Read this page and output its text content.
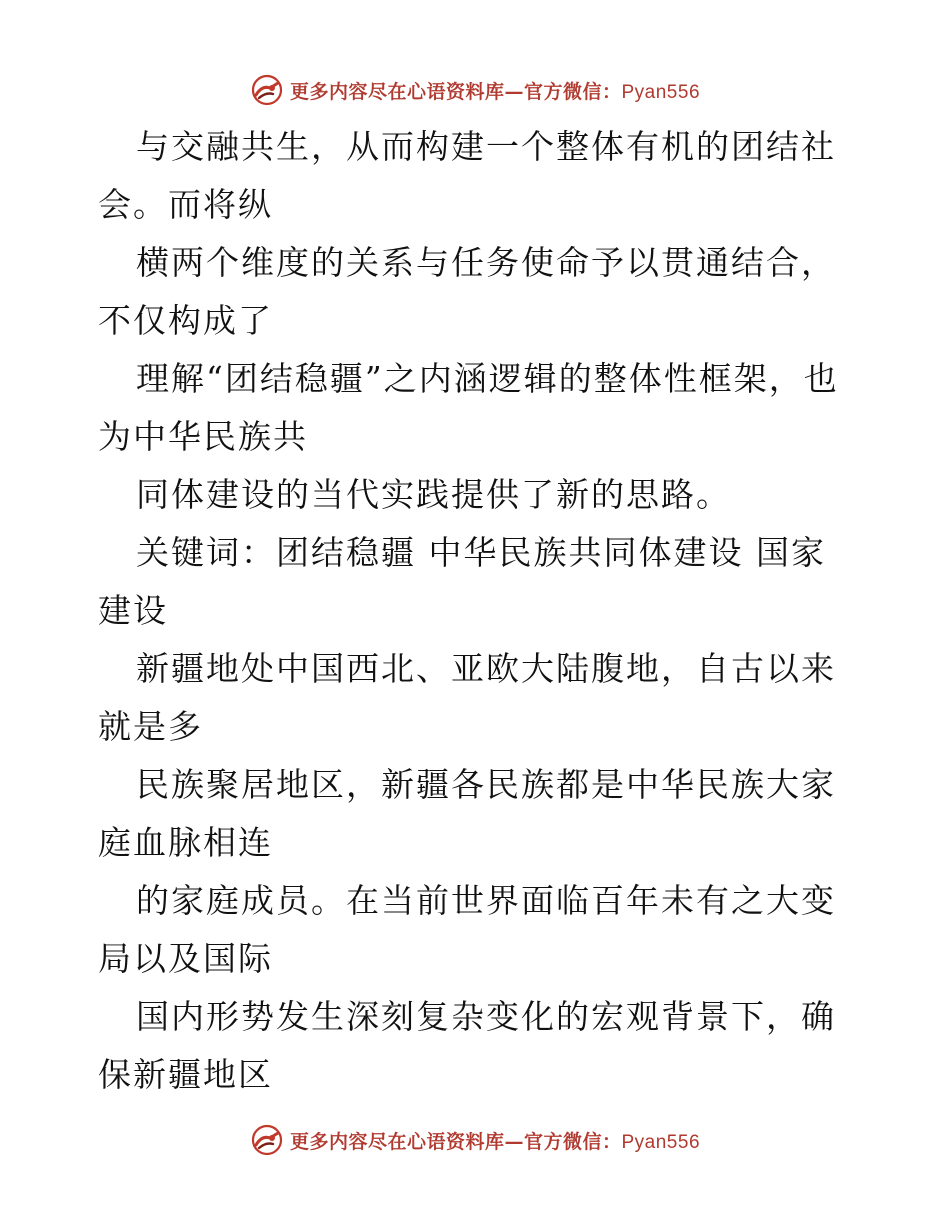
更多内容尽在心语资料库—官方微信：Pyan556

与交融共生，从而构建一个整体有机的团结社会。而将纵

横两个维度的关系与任务使命予以贯通结合，不仅构成了

理解“团结稳疆”之内涵逻辑的整体性框架，也为中华民族共

同体建设的当代实践提供了新的思路。

关键词：团结稳疆 中华民族共同体建设 国家建设

新疆地处中国西北、亚欧大陆腹地，自古以来就是多

民族聚居地区，新疆各民族都是中华民族大家庭血脉相连

的家庭成员。在当前世界面临百年未有之大变局以及国际

国内形势发生深刻复杂变化的宏观背景下，确保新疆地区

更多内容尽在心语资料库—官方微信：Pyan556
